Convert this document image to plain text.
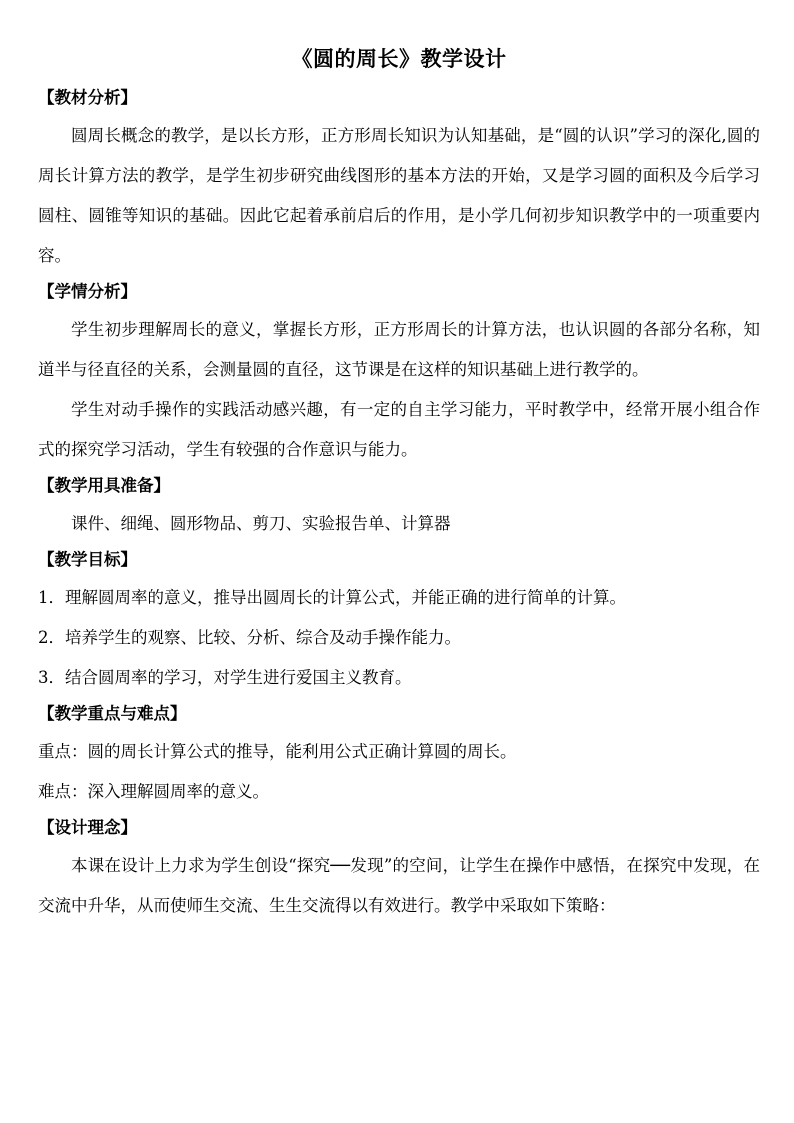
《圆的周长》教学设计
【教材分析】

圆周长概念的教学，是以长方形，正方形周长知识为认知基础，是“圆的认识”学习的深化,圆的周长计算方法的教学，是学生初步研究曲线图形的基本方法的开始，又是学习圆的面积及今后学习圆柱、圆锥等知识的基础。因此它起着承前启后的作用，是小学几何初步知识教学中的一项重要内容。

【学情分析】

学生初步理解周长的意义，掌握长方形，正方形周长的计算方法，也认识圆的各部分名称，知道半与径直径的关系，会测量圆的直径，这节课是在这样的知识基础上进行教学的。

学生对动手操作的实践活动感兴趣，有一定的自主学习能力，平时教学中，经常开展小组合作式的探究学习活动，学生有较强的合作意识与能力。

【教学用具准备】

课件、细绳、圆形物品、剪刀、实验报告单、计算器

【教学目标】

1．理解圆周率的意义，推导出圆周长的计算公式，并能正确的进行简单的计算。

2．培养学生的观察、比较、分析、综合及动手操作能力。

3．结合圆周率的学习，对学生进行爱国主义教育。

【教学重点与难点】

重点：圆的周长计算公式的推导，能利用公式正确计算圆的周长。

难点：深入理解圆周率的意义。

【设计理念】

本课在设计上力求为学生创设“探究──发现”的空间，让学生在操作中感悟，在探究中发现，在交流中升华，从而使师生交流、生生交流得以有效进行。教学中采取如下策略：
